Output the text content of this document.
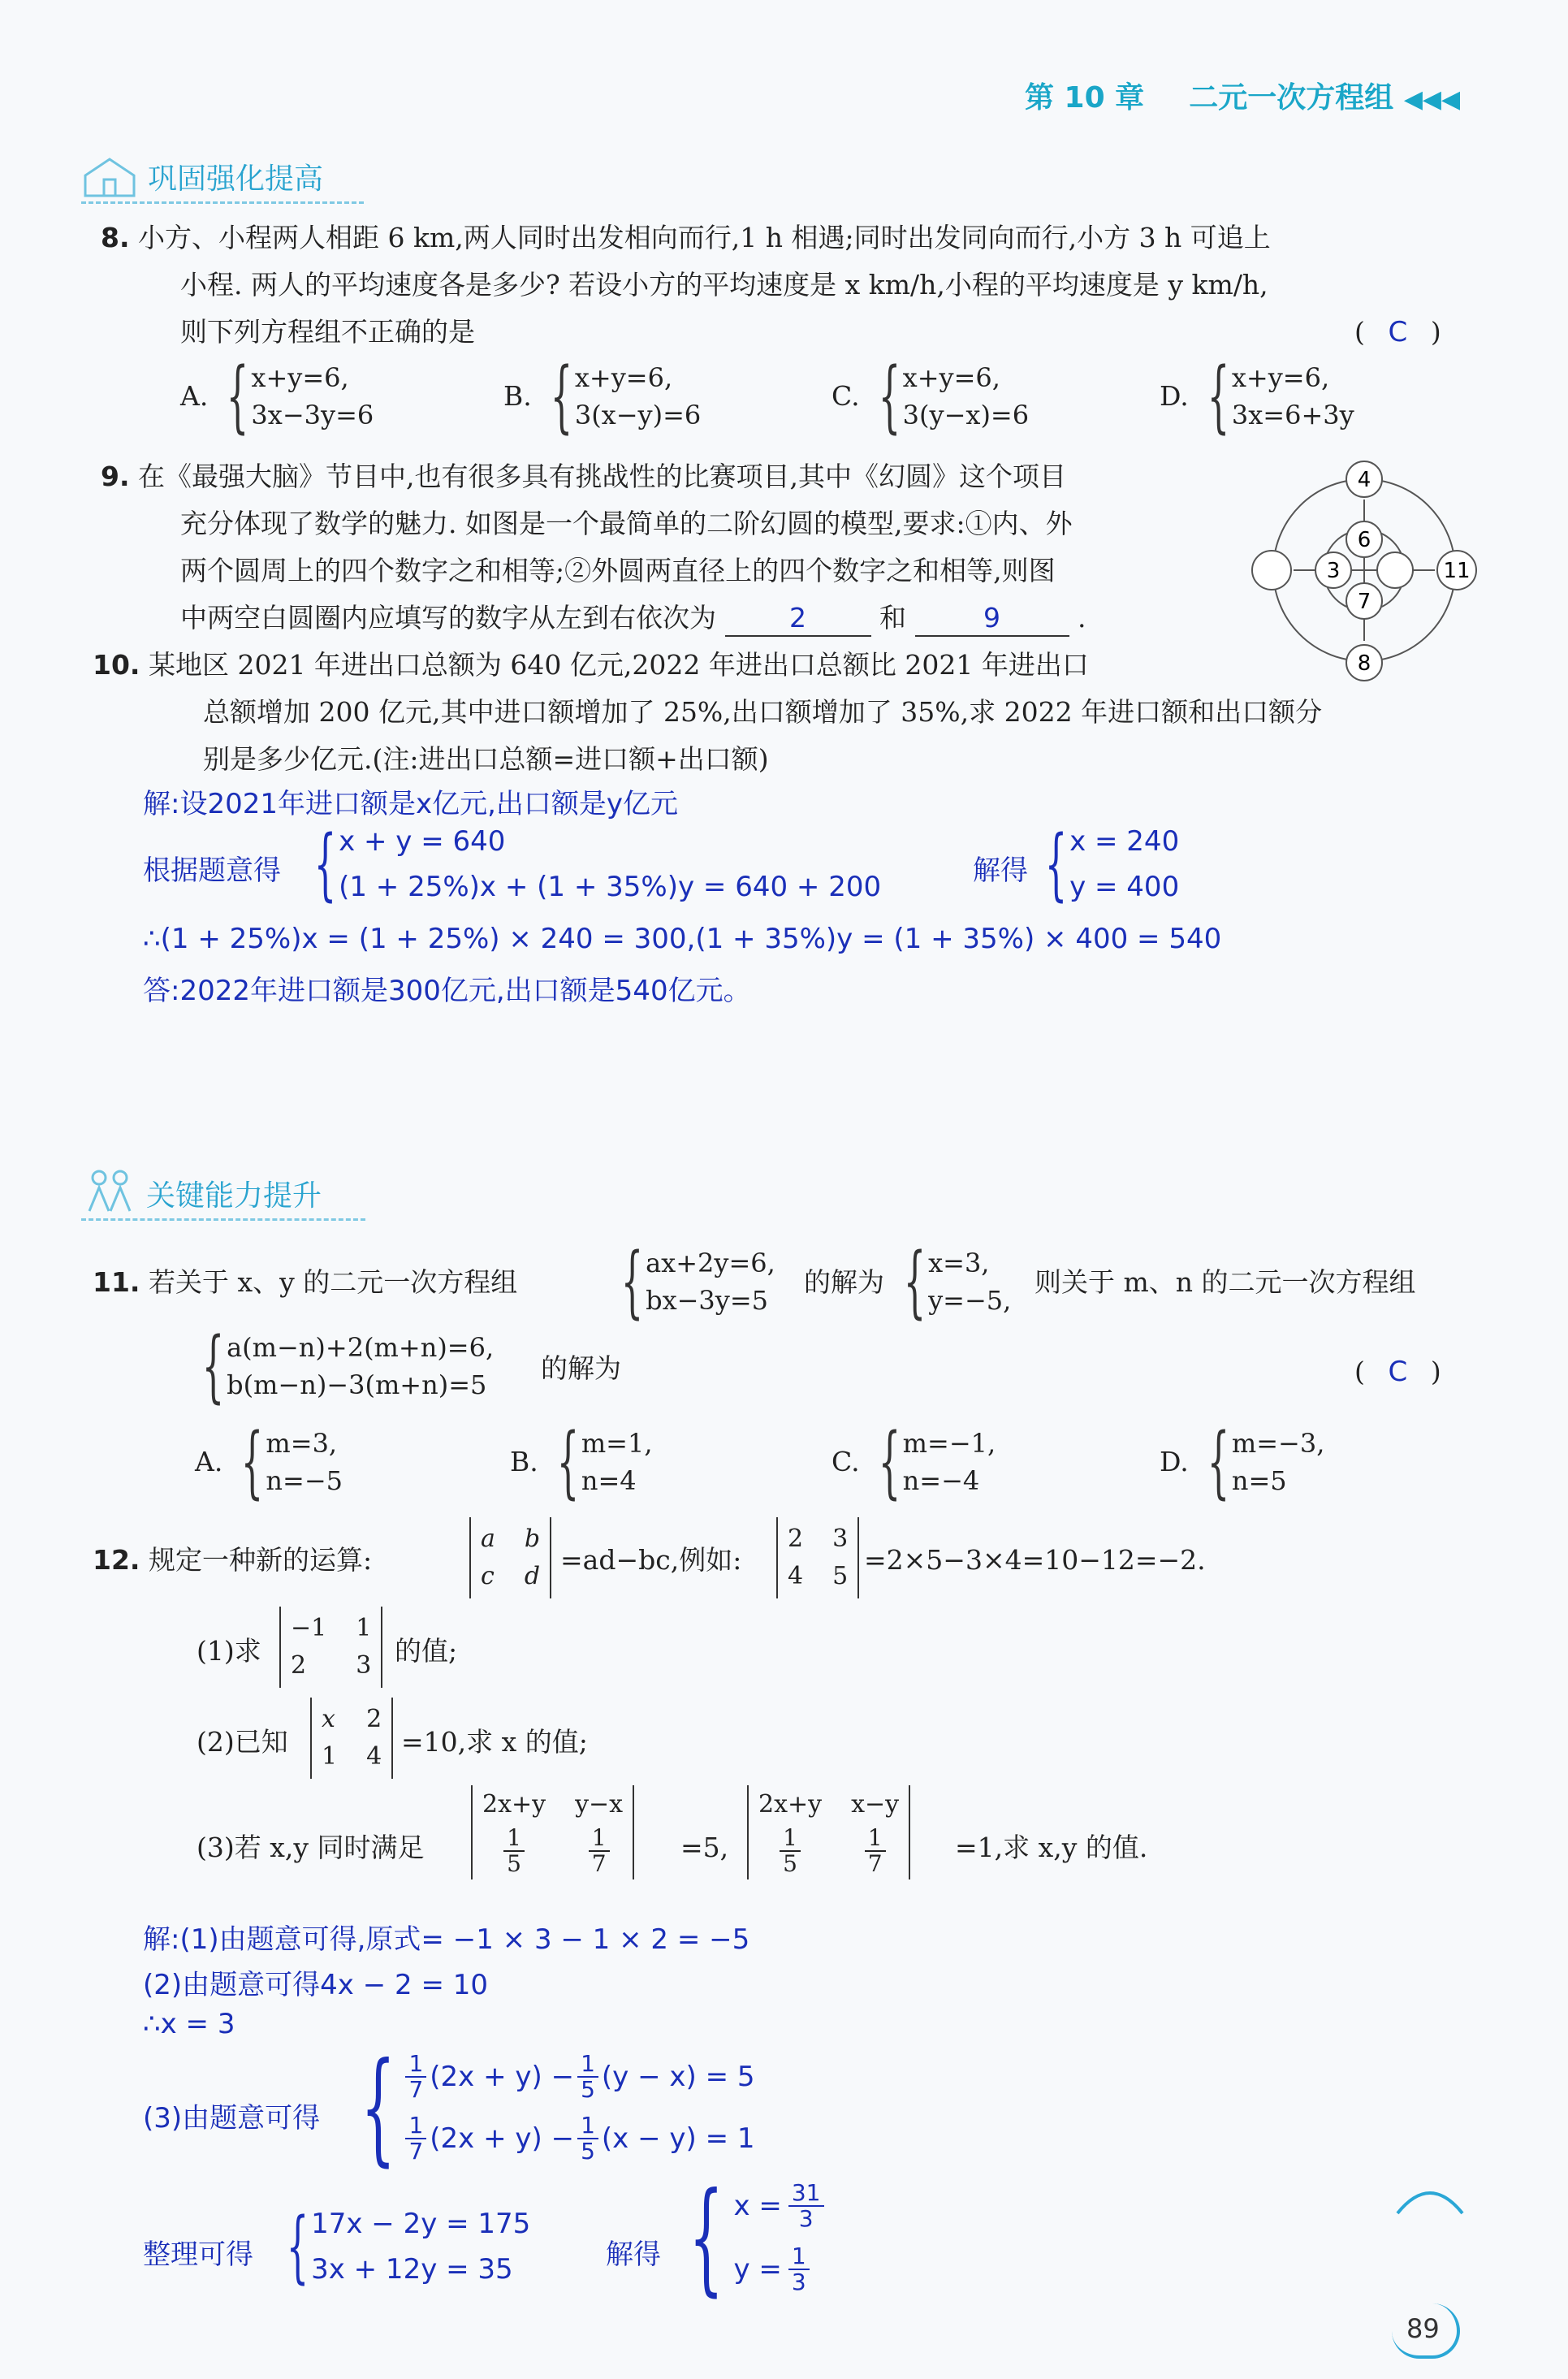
第 10 章 二元一次方程组 ◀◀◀
巩固强化提高
8. 小方、小程两人相距 6 km,两人同时出发相向而行,1 h 相遇;同时出发同向而行,小方 3 h 可追上
小程. 两人的平均速度各是多少? 若设小方的平均速度是 x km/h,小程的平均速度是 y km/h,
则下列方程组不正确的是	( C )
A. { x+y=6,
3x−3y=6
B. { x+y=6,
3(x−y)=6
C. { x+y=6,
3(y−x)=6
D. { x+y=6,
3x=6+3y
9. 在《最强大脑》节目中,也有很多具有挑战性的比赛项目,其中《幻圆》这个项目
充分体现了数学的魅力. 如图是一个最简单的二阶幻圆的模型,要求:①内、外
两个圆周上的四个数字之和相等;②外圆两直径上的四个数字之和相等,则图
中两空白圆圈内应填写的数字从左到右依次为	2	和	9	.
4
6
3
7
11
8
10. 某地区 2021 年进出口总额为 640 亿元,2022 年进出口总额比 2021 年进出口
总额增加 200 亿元,其中进口额增加了 25%,出口额增加了 35%,求 2022 年进口额和出口额分
别是多少亿元.(注:进出口总额=进口额+出口额)
解:设2021年进口额是x亿元,出口额是y亿元
根据题意得 { x + y = 640
(1 + 25%)x + (1 + 35%)y = 640 + 200	解得 { x = 240
y = 400
∴(1 + 25%)x = (1 + 25%) × 240 = 300,(1 + 35%)y = (1 + 35%) × 400 = 540
答:2022年进口额是300亿元,出口额是540亿元。
关键能力提升
11. 若关于 x、y 的二元一次方程组 { ax+2y=6,
bx−3y=5
的解为 { x=3,
y=−5,
则关于 m、n 的二元一次方程组
{ a(m−n)+2(m+n)=6,
b(m−n)−3(m+n)=5
的解为	( C )
A. { m=3,
n=−5
B. { m=1,
n=4
C. { m=−1,
n=−4
D. { m=−3,
n=5
12. 规定一种新的运算:
a b
c d
=ad−bc,例如:
2 3
4 5
=2×5−3×4=10−12=−2.
(1)求
−1 1
2	3 的值;
(2)已知
x 2
1 4 =10,求 x 的值;
(3)若 x,y 同时满足
2x+y y−x
$\frac{1}{5} \frac{1}{7} =5$,
2x+y x−y
$\frac{1}{5} \frac{1}{7} =1$,求 x,y 的值.
解:(1)由题意可得,原式= −1 × 3 − 1 × 2 = −5
(2)由题意可得4x − 2 = 10
∴x = 3
(3)由题意可得 { $\frac{1}{7} (2x + y) - \frac{1}{5} (y - x) = 5$
$\frac{1}{7} (2x + y) - \frac{1}{5} (x - y) = 1$
整理可得 { 17x − 2y = 175
3x + 12y = 35	解得 { $x = \frac{31}{3}$
$y = \frac{1}{3}$
89
